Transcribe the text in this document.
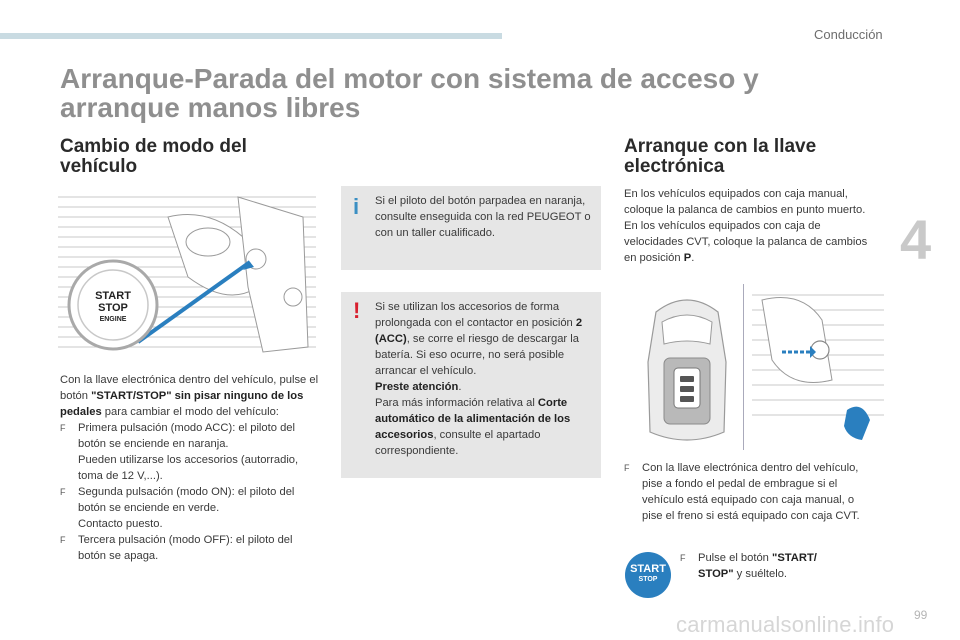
Conducción
4
Arranque-Parada del motor con sistema de acceso y arranque manos libres
Cambio de modo del vehículo
START
STOP
ENGINE

Con la llave electrónica dentro del vehículo, pulse el botón "START/STOP" sin pisar ninguno de los pedales para cambiar el modo del vehículo:

F	Primera pulsación (modo ACC): el piloto del botón se enciende en naranja.
Pueden utilizarse los accesorios (autorradio, toma de 12 V,...).
F	Segunda pulsación (modo ON): el piloto del botón se enciende en verde.
Contacto puesto.
F	Tercera pulsación (modo OFF): el piloto del botón se apaga.
i Si el piloto del botón parpadea en naranja, consulte enseguida con la red PEUGEOT o con un taller cualificado.

! Si se utilizan los accesorios de forma prolongada con el contactor en posición 2 (ACC), se corre el riesgo de descargar la batería. Si eso ocurre, no será posible arrancar el vehículo.

Preste atención.

Para más información relativa al Corte automático de la alimentación de los accesorios, consulte el apartado correspondiente.

Arranque con la llave electrónica

En los vehículos equipados con caja manual, coloque la palanca de cambios en punto muerto.

En los vehículos equipados con caja de velocidades CVT, coloque la palanca de cambios en posición P.

F	Con la llave electrónica dentro del vehículo, pise a fondo el pedal de embrague si el vehículo está equipado con caja manual, o pise el freno si está equipado con caja CVT.
START
STOP
F	Pulse el botón "START/ STOP" y suéltelo.
carmanualsonline.info 99
